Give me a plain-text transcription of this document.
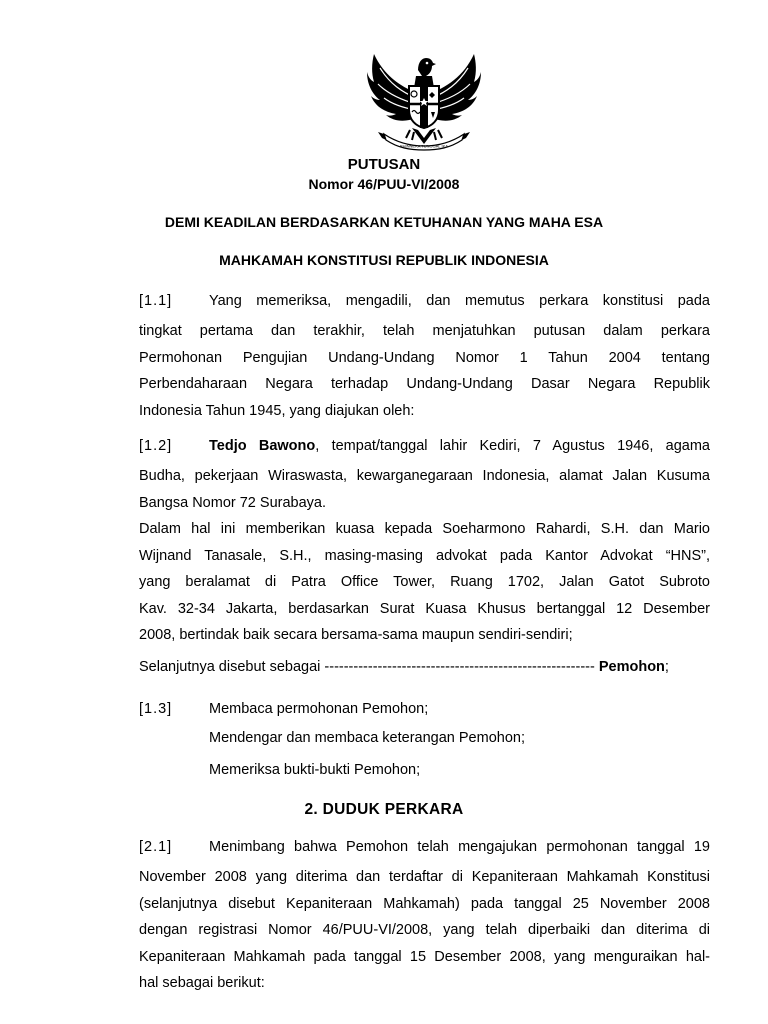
BHINNEKA TUNGGAL IKA
PUTUSAN
Nomor 46/PUU-VI/2008
DEMI KEADILAN BERDASARKAN KETUHANAN YANG MAHA ESA
MAHKAMAH KONSTITUSI REPUBLIK INDONESIA
[1.1]	Yang memeriksa, mengadili, dan memutus perkara konstitusi pada
tingkat pertama dan terakhir, telah menjatuhkan putusan dalam perkara
Permohonan Pengujian Undang-Undang Nomor 1 Tahun 2004 tentang
Perbendaharaan Negara terhadap Undang-Undang Dasar Negara Republik
Indonesia Tahun 1945, yang diajukan oleh:
[1.2]	Tedjo Bawono, tempat/tanggal lahir Kediri, 7 Agustus 1946, agama
Budha, pekerjaan Wiraswasta, kewarganegaraan Indonesia, alamat Jalan Kusuma
Bangsa Nomor 72 Surabaya.
Dalam hal ini memberikan kuasa kepada Soeharmono Rahardi, S.H. dan Mario
Wijnand Tanasale, S.H., masing-masing advokat pada Kantor Advokat “HNS”,
yang beralamat di Patra Office Tower, Ruang 1702, Jalan Gatot Subroto
Kav. 32-34 Jakarta, berdasarkan Surat Kuasa Khusus bertanggal 12 Desember
2008, bertindak baik secara bersama-sama maupun sendiri-sendiri;
Selanjutnya disebut sebagai -------------------------------------------------------- Pemohon;
[1.3]	Membaca permohonan Pemohon;
Mendengar dan membaca keterangan Pemohon;
Memeriksa bukti-bukti Pemohon;
2. DUDUK PERKARA
[2.1]	Menimbang bahwa Pemohon telah mengajukan permohonan tanggal 19
November 2008 yang diterima dan terdaftar di Kepaniteraan Mahkamah Konstitusi
(selanjutnya disebut Kepaniteraan Mahkamah) pada tanggal 25 November 2008
dengan registrasi Nomor 46/PUU-VI/2008, yang telah diperbaiki dan diterima di
Kepaniteraan Mahkamah pada tanggal 15 Desember 2008, yang menguraikan hal-
hal sebagai berikut:
